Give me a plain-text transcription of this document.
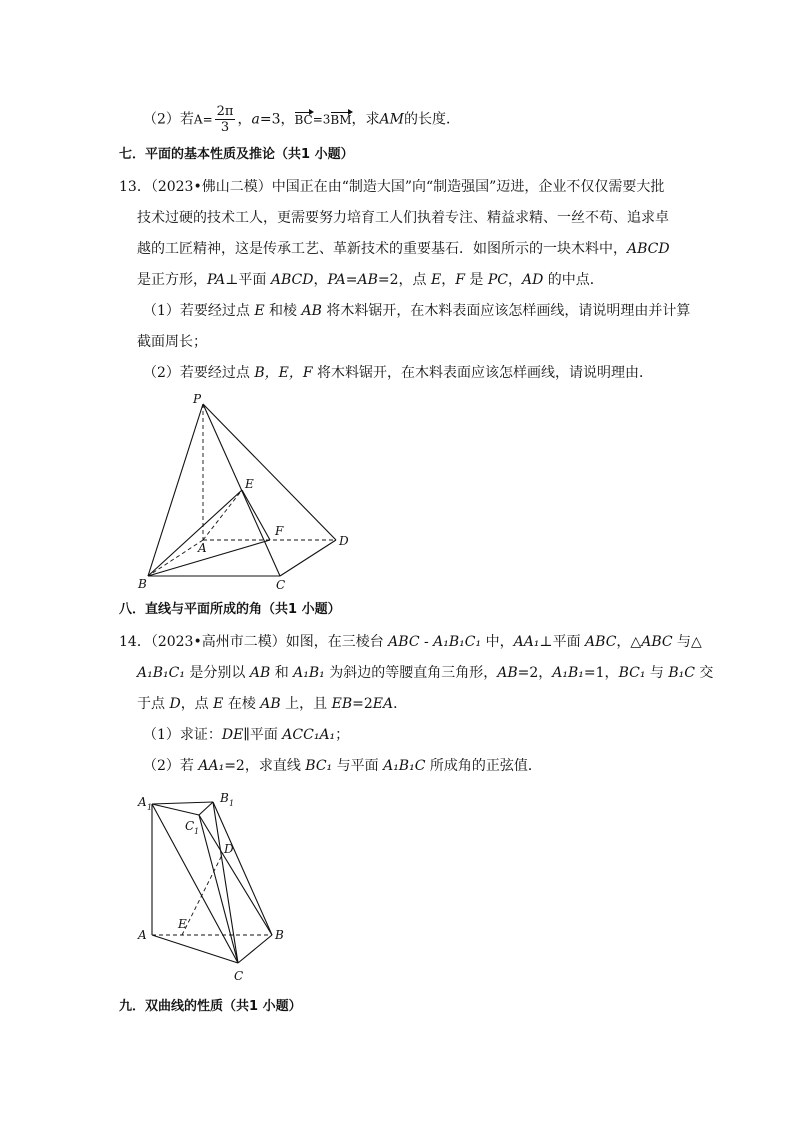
（2）若$A= \frac{2\pi}{3}$ ，a=3，BC=3BM，求AM的长度．
七．平面的基本性质及推论（共1 小题）
13．（2023•佛山二模）中国正在由“制造大国”向“制造强国”迈进，企业不仅仅需要大批
技术过硬的技术工人，更需要努力培育工人们执着专注、精益求精、一丝不苟、追求卓
越的工匠精神，这是传承工艺、革新技术的重要基石．如图所示的一块木料中，ABCD
是正方形，PA⊥平面 ABCD，PA=AB=2，点 E，F 是 PC，AD 的中点．
（1）若要经过点 E 和棱 AB 将木料锯开，在木料表面应该怎样画线，请说明理由并计算
截面周长；
（2）若要经过点 B，E，F 将木料锯开，在木料表面应该怎样画线，请说明理由．
P
E
F
A	D
B	C
八．直线与平面所成的角（共1 小题）
14．（2023•高州市二模）如图，在三棱台 ABC - A₁B₁C₁ 中，AA₁⊥平面 ABC，△ABC 与△
A₁B₁C₁ 是分别以 AB 和 A₁B₁ 为斜边的等腰直角三角形，AB=2，A₁B₁=1，BC₁ 与 B₁C 交
于点 D，点 E 在棱 AB 上，且 EB=2EA．
（1）求证：DE∥平面 ACC₁A₁；
（2）若 AA₁=2，求直线 BC₁ 与平面 A₁B₁C 所成角的正弦值．
A 1
B 1
C 1
D
E
A	B
C
九．双曲线的性质（共1 小题）
